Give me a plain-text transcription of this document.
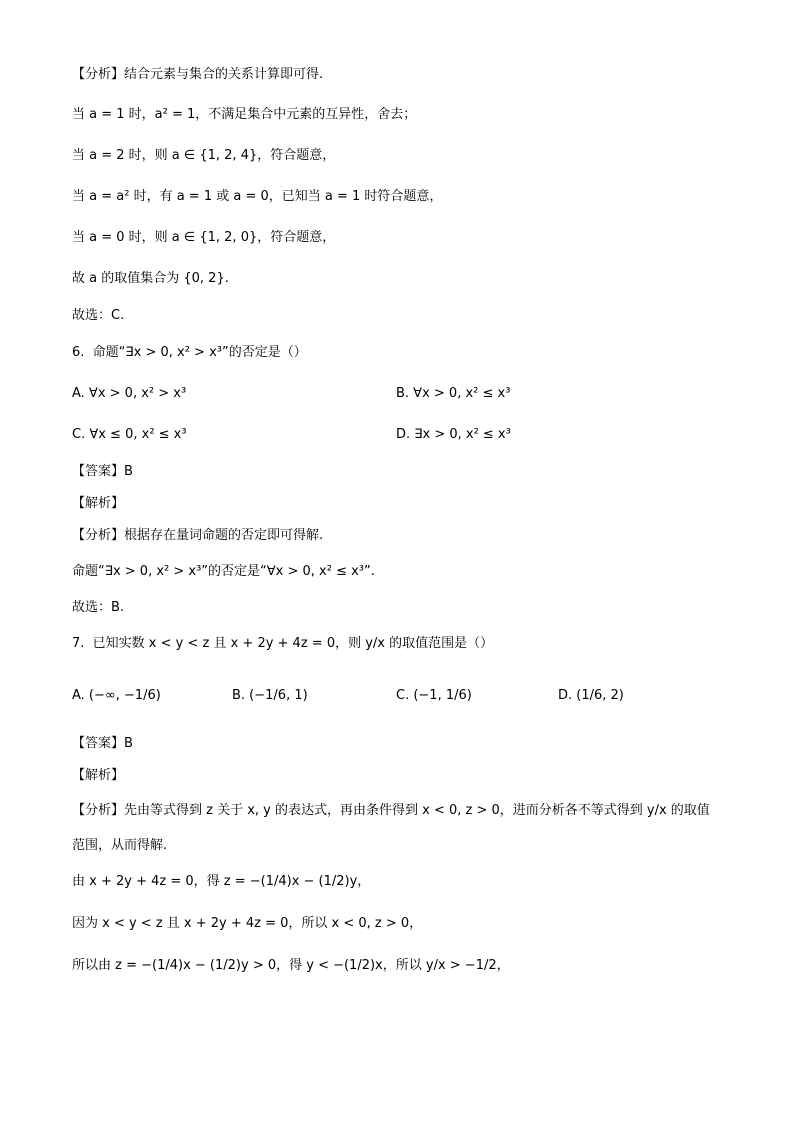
【分析】结合元素与集合的关系计算即可得.
当 a = 1 时，a² = 1，不满足集合中元素的互异性，舍去；
当 a = 2 时，则 a ∈ {1, 2, 4}，符合题意，
当 a = a² 时，有 a = 1 或 a = 0，已知当 a = 1 时符合题意，
当 a = 0 时，则 a ∈ {1, 2, 0}，符合题意，
故 a 的取值集合为 {0, 2}.
故选：C.
6.  命题“∃x > 0, x² > x³”的否定是（）
A. ∀x > 0, x² > x³	B. ∀x > 0, x² ≤ x³
C. ∀x ≤ 0, x² ≤ x³	D. ∃x > 0, x² ≤ x³
【答案】B
【解析】
【分析】根据存在量词命题的否定即可得解.
命题“∃x > 0, x² > x³”的否定是“∀x > 0, x² ≤ x³”.
故选：B.
7.  已知实数 x < y < z 且 x + 2y + 4z = 0，则 y/x 的取值范围是（）
A. (−∞, −1/6)	B. (−1/6, 1)	C. (−1, 1/6)	D. (1/6, 2)
【答案】B
【解析】
【分析】先由等式得到 z 关于 x, y 的表达式，再由条件得到 x < 0, z > 0，进而分析各不等式得到 y/x 的取值
范围，从而得解.
由 x + 2y + 4z = 0，得 z = −(1/4)x − (1/2)y，
因为 x < y < z 且 x + 2y + 4z = 0，所以 x < 0, z > 0，
所以由 z = −(1/4)x − (1/2)y > 0，得 y < −(1/2)x，所以 y/x > −1/2，
